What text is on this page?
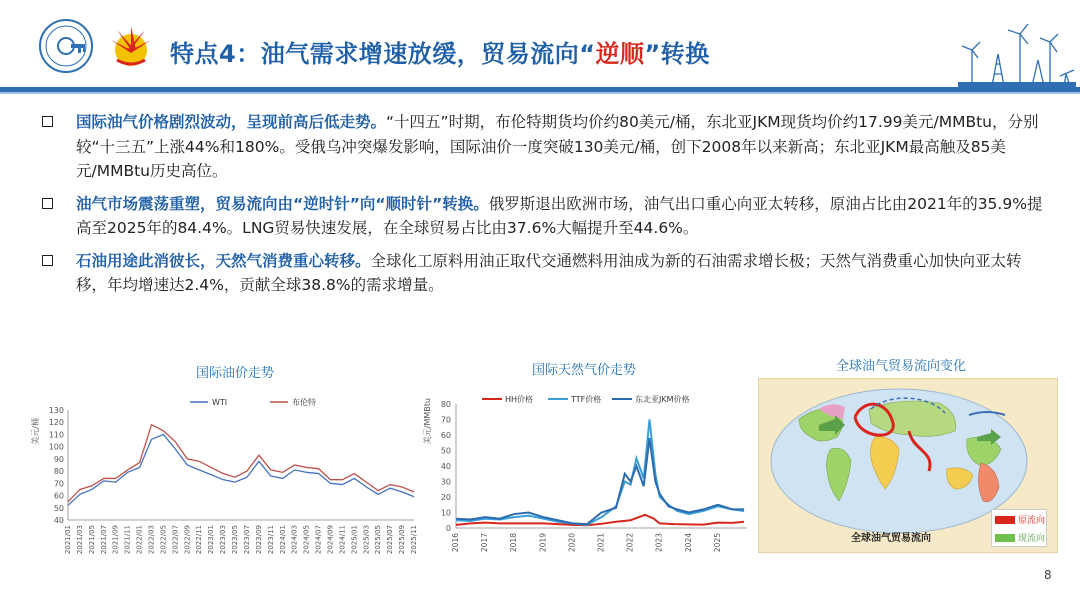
特点4：油气需求增速放缓，贸易流向“逆顺”转换
国际油气价格剧烈波动，呈现前高后低走势。“十四五”时期，布伦特期货均价约80美元/桶，东北亚JKM现货均价约17.99美元/MMBtu，分别较“十三五”上涨44%和180%。受俄乌冲突爆发影响，国际油价一度突破130美元/桶，创下2008年以来新高；东北亚JKM最高触及85美元/MMBtu历史高位。
油气市场震荡重塑，贸易流向由“逆时针”向“顺时针”转换。俄罗斯退出欧洲市场，油气出口重心向亚太转移，原油占比由2021年的35.9%提高至2025年的84.4%。LNG贸易快速发展，在全球贸易占比由37.6%大幅提升至44.6%。
石油用途此消彼长，天然气消费重心转移。全球化工原料用油正取代交通燃料用油成为新的石油需求增长极；天然气消费重心加快向亚太转移，年均增速达2.4%，贡献全球38.8%的需求增量。
国际油价走势	国际天然气价走势	全球油气贸易流向变化
40
50
60
70
80
90
100
110
120
130
美元/桶
2021/01 2021/03 2021/05 2021/07 2021/09 2021/11 2022/01 2022/03 2022/05 2022/07 2022/09 2022/11 2023/01 2023/03 2023/05 2023/07 2023/09 2023/11 2024/01 2024/03 2024/05 2024/07 2024/09 2024/11 2025/01 2025/03 2025/05 2025/07 2025/09 2025/11
WTI	布伦特
0
10
20
30
40
50
60
70
80
美元/MMBtu
2016	2017	2018	2019	2020	2021	2022	2023	2024	2025
HH价格	TTF价格	东北亚JKM价格
全球油气贸易流向
原流向
现流向
8
